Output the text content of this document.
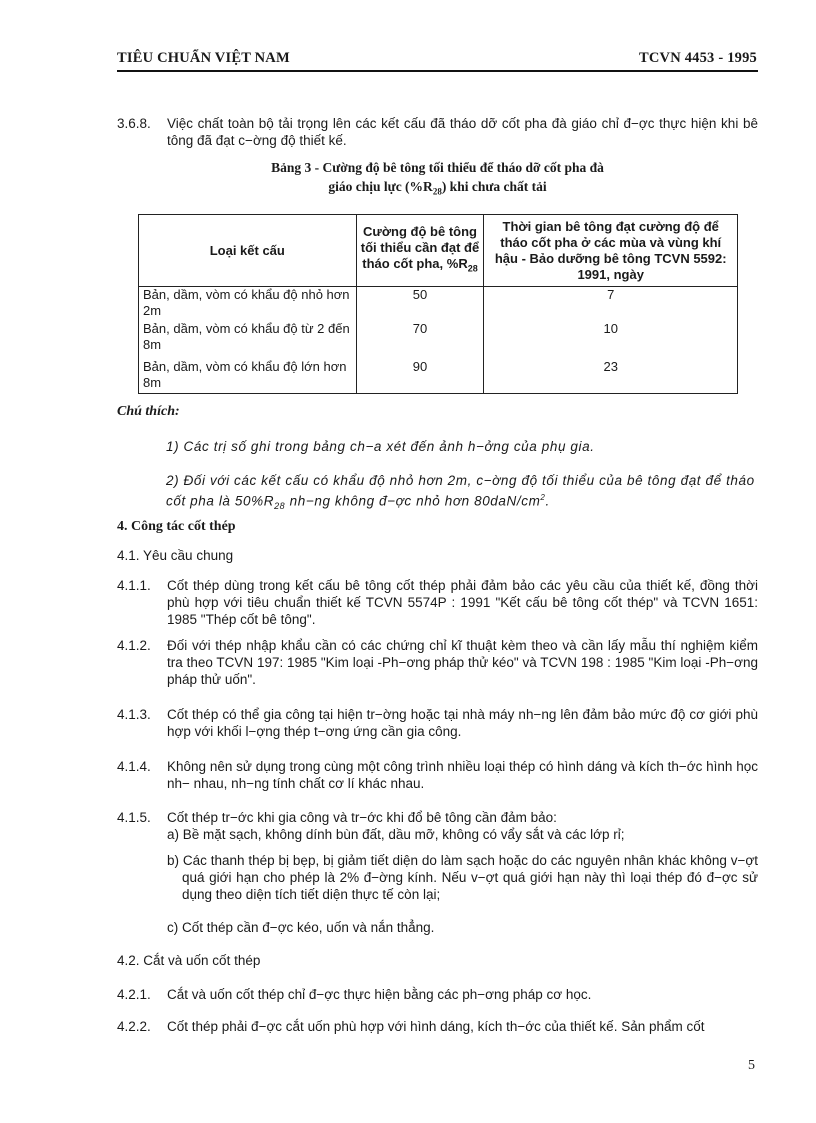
TIÊU CHUẨN VIỆT NAM	TCVN 4453 - 1995
3.6.8. Việc chất toàn bộ tải trọng lên các kết cấu đã tháo dỡ cốt pha đà giáo chỉ đ−ợc thực hiện khi bê tông đã đạt c−ờng độ thiết kế.
Bảng 3 - Cường độ bê tông tối thiểu để tháo dỡ cốt pha đà
giáo chịu lực $(\%R_{28})$ khi chưa chất tải
Loại kết cấu	Cường độ bê tông tối thiểu cần đạt để tháo cốt pha, $\%R_{28}$	Thời gian bê tông đạt cường độ để tháo cốt pha ở các mùa và vùng khí hậu - Bảo dưỡng bê tông TCVN 5592: 1991, ngày
Bản, dầm, vòm có khẩu độ nhỏ hơn 2m	50	7
Bản, dầm, vòm có khẩu độ từ 2 đến 8m	70	10
Bản, dầm, vòm có khẩu độ lớn hơn 8m	90	23
Chú thích:
1) Các trị số ghi trong bảng ch−a xét đến ảnh h−ởng của phụ gia.
2) Đối với các kết cấu có khẩu độ nhỏ hơn 2m, c−ờng độ tối thiểu của bê tông đạt để tháo cốt pha là $50\%R_{28}$ nh−ng không đ−ợc nhỏ hơn $80daN/cm^2$.
4. Công tác cốt thép
4.1. Yêu cầu chung
4.1.1. Cốt thép dùng trong kết cấu bê tông cốt thép phải đảm bảo các yêu cầu của thiết kế, đồng thời phù hợp với tiêu chuẩn thiết kế TCVN 5574P : 1991 "Kết cấu bê tông cốt thép" và TCVN 1651: 1985 "Thép cốt bê tông".
4.1.2. Đối với thép nhập khẩu cần có các chứng chỉ kĩ thuật kèm theo và cần lấy mẫu thí nghiệm kiểm tra theo TCVN 197: 1985 "Kim loại -Ph−ơng pháp thử kéo" và TCVN 198 : 1985 "Kim loại -Ph−ơng pháp thử uốn".
4.1.3. Cốt thép có thể gia công tại hiện tr−ờng hoặc tại nhà máy nh−ng lên đảm bảo mức độ cơ giới phù hợp với khối l−ợng thép t−ơng ứng cần gia công.
4.1.4. Không nên sử dụng trong cùng một công trình nhiều loại thép có hình dáng và kích th−ớc hình học nh− nhau, nh−ng tính chất cơ lí khác nhau.
4.1.5. Cốt thép tr−ớc khi gia công và tr−ớc khi đổ bê tông cần đảm bảo:
a) Bề mặt sạch, không dính bùn đất, dầu mỡ, không có vẩy sắt và các lớp rỉ;
b) Các thanh thép bị bẹp, bị giảm tiết diện do làm sạch hoặc do các nguyên nhân khác không v−ợt quá giới hạn cho phép là 2% đ−ờng kính. Nếu v−ợt quá giới hạn này thì loại thép đó đ−ợc sử dụng theo diện tích tiết diện thực tế còn lại;
c) Cốt thép cần đ−ợc kéo, uốn và nắn thẳng.
4.2. Cắt và uốn cốt thép
4.2.1. Cắt và uốn cốt thép chỉ đ−ợc thực hiện bằng các ph−ơng pháp cơ học.
4.2.2. Cốt thép phải đ−ợc cắt uốn phù hợp với hình dáng, kích th−ớc của thiết kế. Sản phẩm cốt
5
